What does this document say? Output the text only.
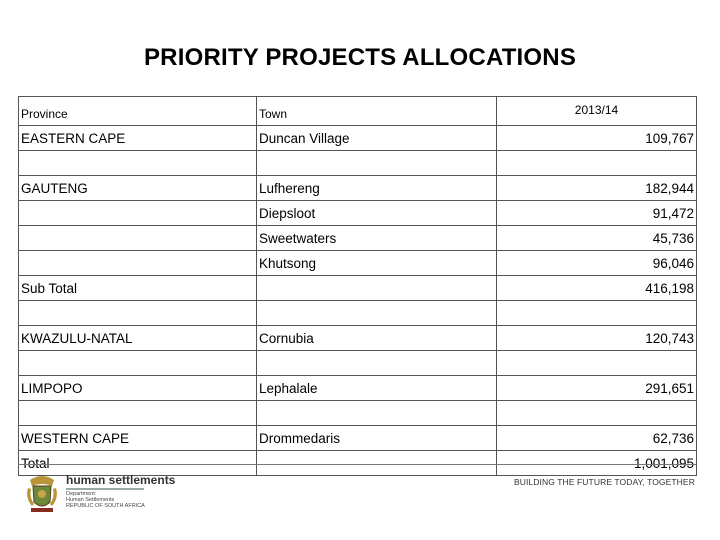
PRIORITY PROJECTS ALLOCATIONS
Province	Town	2013/14
EASTERN CAPE	Duncan Village	109,767

GAUTENG	Lufhereng	182,944
	Diepsloot	91,472
	Sweetwaters	45,736
	Khutsong	96,046
Sub Total		416,198

KWAZULU-NATAL	Cornubia	120,743

LIMPOPO	Lephalale	291,651

WESTERN CAPE	Drommedaris	62,736
Total		1,001,095
human settlements
Department:
Human Settlements
REPUBLIC OF SOUTH AFRICA
BUILDING THE FUTURE TODAY, TOGETHER
